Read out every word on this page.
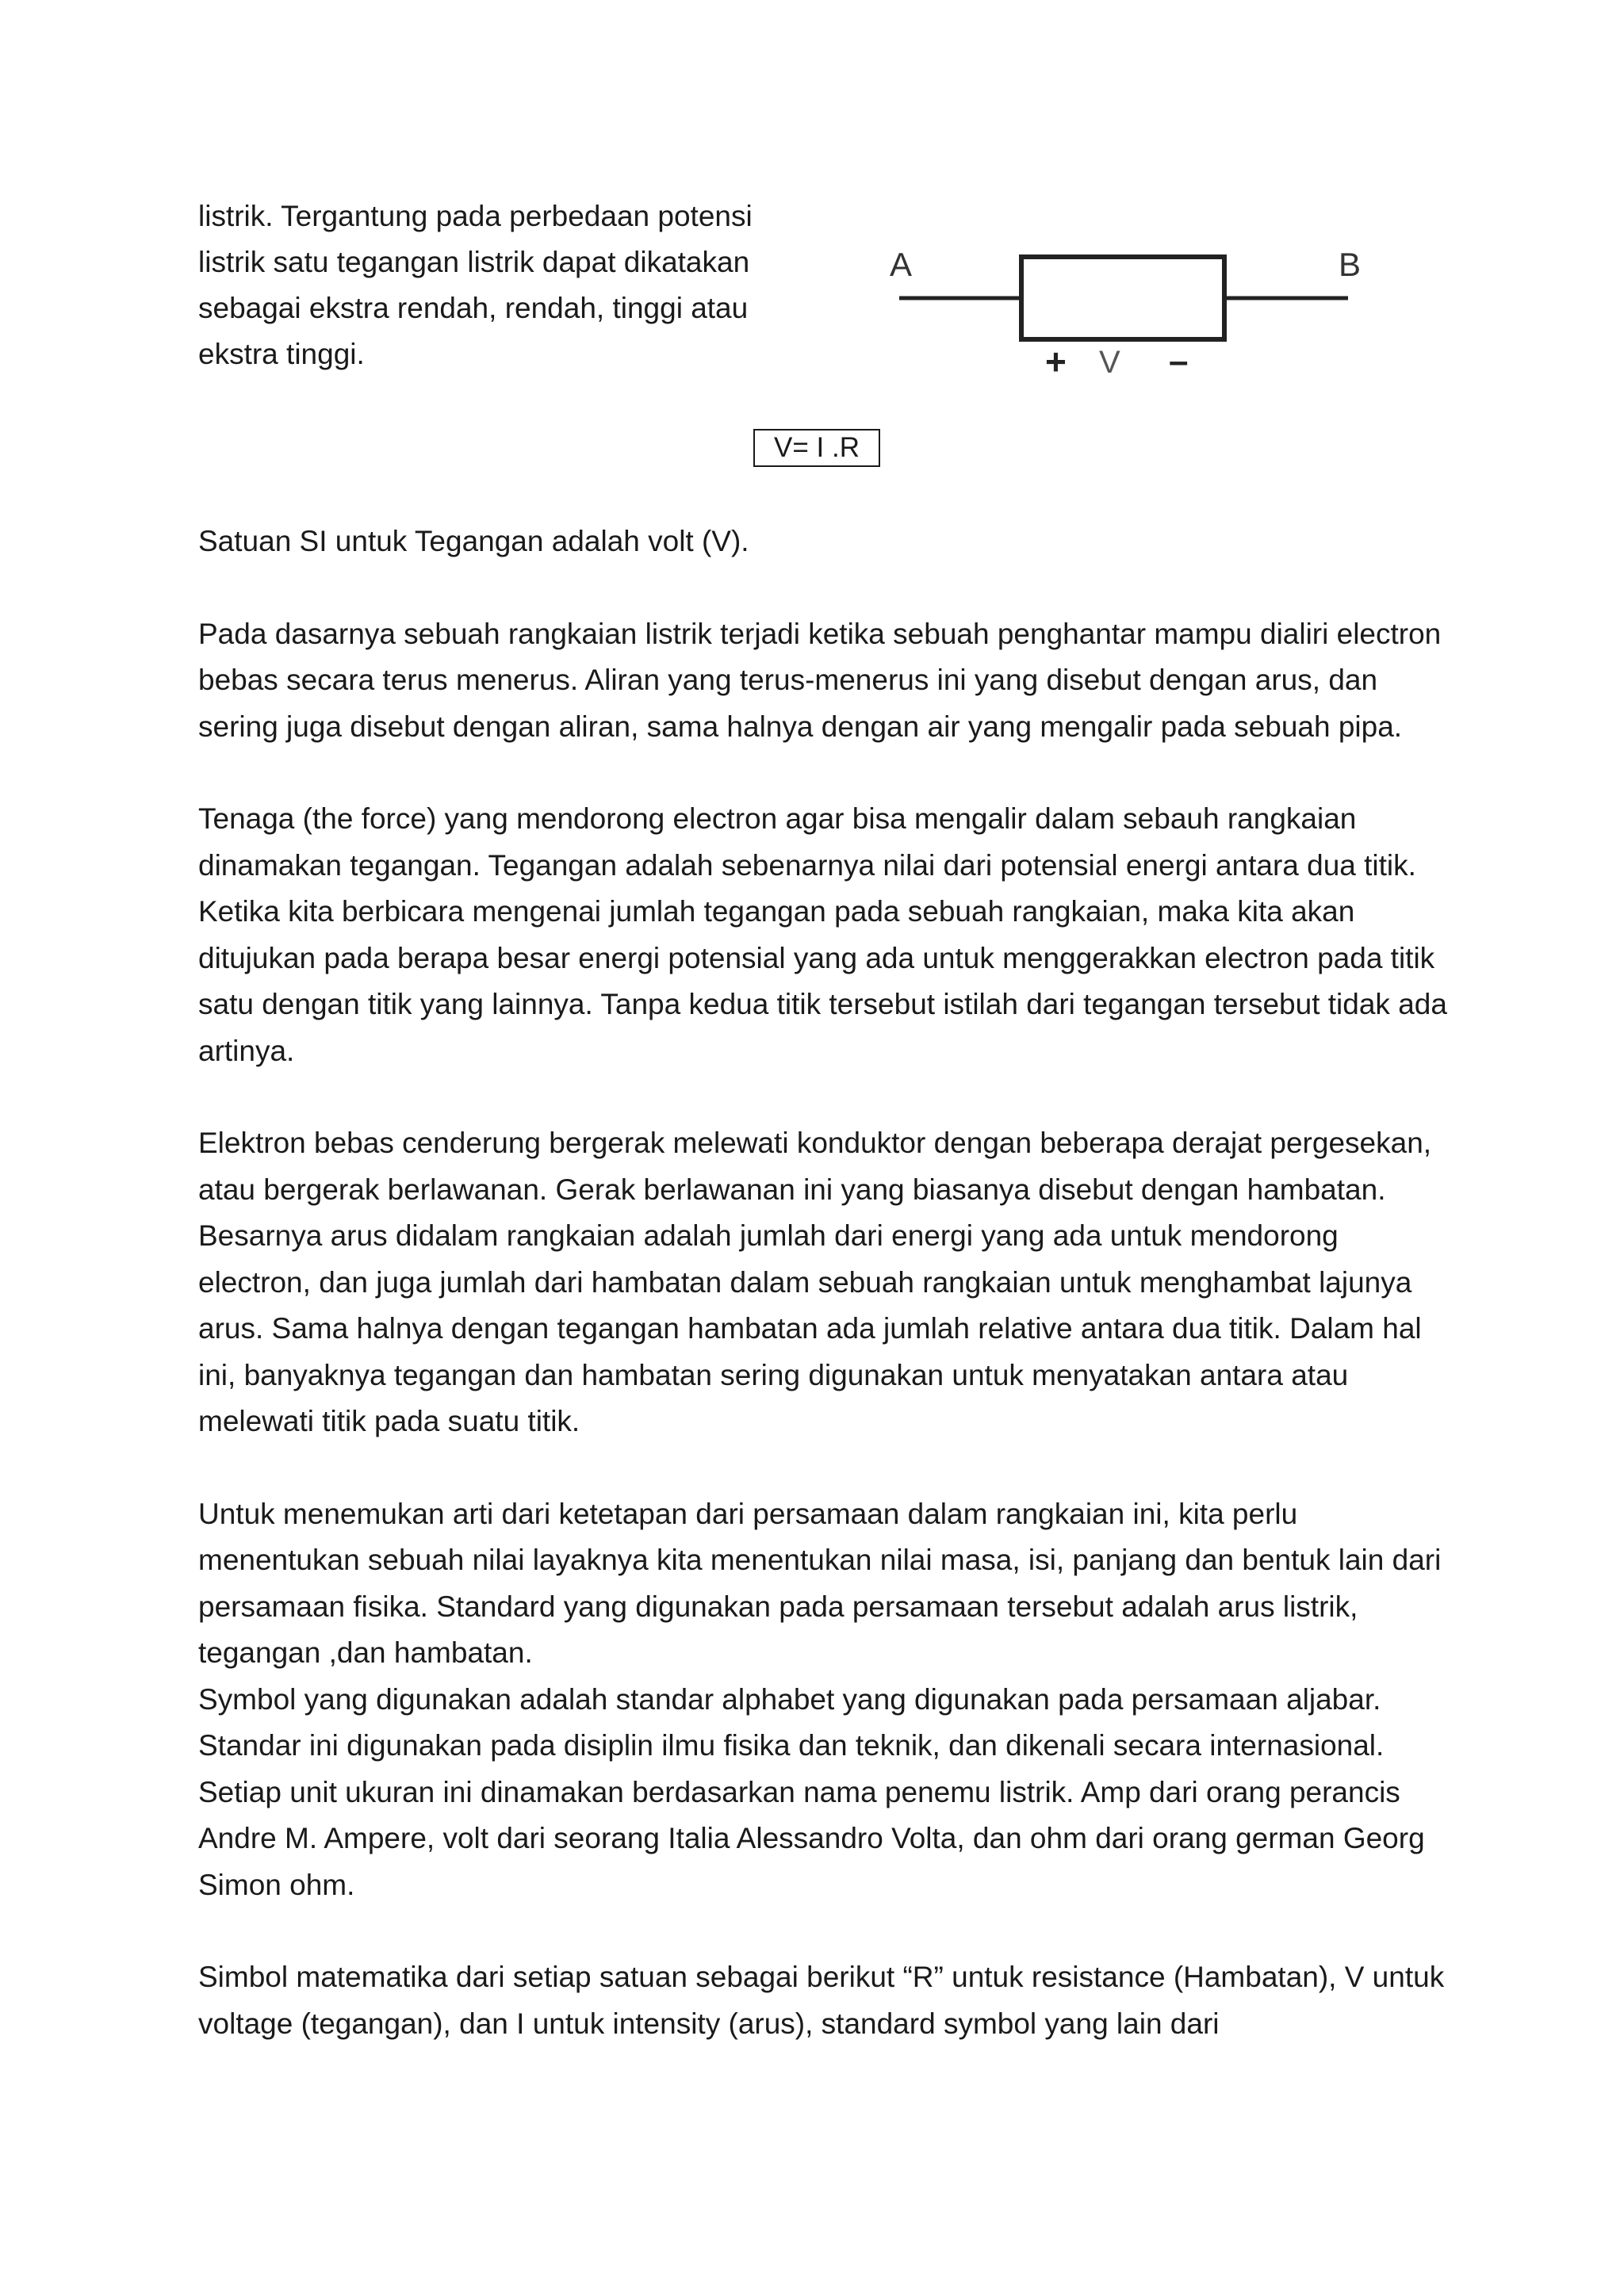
listrik. Tergantung pada perbedaan potensi listrik satu tegangan listrik dapat dikatakan sebagai ekstra rendah, rendah, tinggi atau ekstra tinggi.

A	B
+ V –
V= I .R

Satuan SI untuk Tegangan adalah volt (V).

Pada dasarnya sebuah rangkaian listrik terjadi ketika sebuah penghantar mampu dialiri electron bebas secara terus menerus. Aliran yang terus-menerus ini yang disebut dengan arus, dan sering juga disebut dengan aliran, sama halnya dengan air yang mengalir pada sebuah pipa.

Tenaga (the force) yang mendorong electron agar bisa mengalir dalam sebauh rangkaian dinamakan tegangan. Tegangan adalah sebenarnya nilai dari potensial energi antara dua titik. Ketika kita berbicara mengenai jumlah tegangan pada sebuah rangkaian, maka kita akan ditujukan pada berapa besar energi potensial yang ada untuk menggerakkan electron pada titik satu dengan titik yang lainnya. Tanpa kedua titik tersebut istilah dari tegangan tersebut tidak ada artinya.

Elektron bebas cenderung bergerak melewati konduktor dengan beberapa derajat pergesekan, atau bergerak berlawanan. Gerak berlawanan ini yang biasanya disebut dengan hambatan. Besarnya arus didalam rangkaian adalah jumlah dari energi yang ada untuk mendorong electron, dan juga jumlah dari hambatan dalam sebuah rangkaian untuk menghambat lajunya arus. Sama halnya dengan tegangan hambatan ada jumlah relative antara dua titik. Dalam hal ini, banyaknya tegangan dan hambatan sering digunakan untuk menyatakan antara atau melewati titik pada suatu titik.

Untuk menemukan arti dari ketetapan dari persamaan dalam rangkaian ini, kita perlu menentukan sebuah nilai layaknya kita menentukan nilai masa, isi, panjang dan bentuk lain dari persamaan fisika. Standard yang digunakan pada persamaan tersebut adalah arus listrik, tegangan ,dan hambatan.

Symbol yang digunakan adalah standar alphabet yang digunakan pada persamaan aljabar. Standar ini digunakan pada disiplin ilmu fisika dan teknik, dan dikenali secara internasional. Setiap unit ukuran ini dinamakan berdasarkan nama penemu listrik. Amp dari orang perancis Andre M. Ampere, volt dari seorang Italia Alessandro Volta, dan ohm dari orang german Georg Simon ohm.

Simbol matematika dari setiap satuan sebagai berikut “R” untuk resistance (Hambatan), V untuk voltage (tegangan), dan I untuk intensity (arus), standard symbol yang lain dari
